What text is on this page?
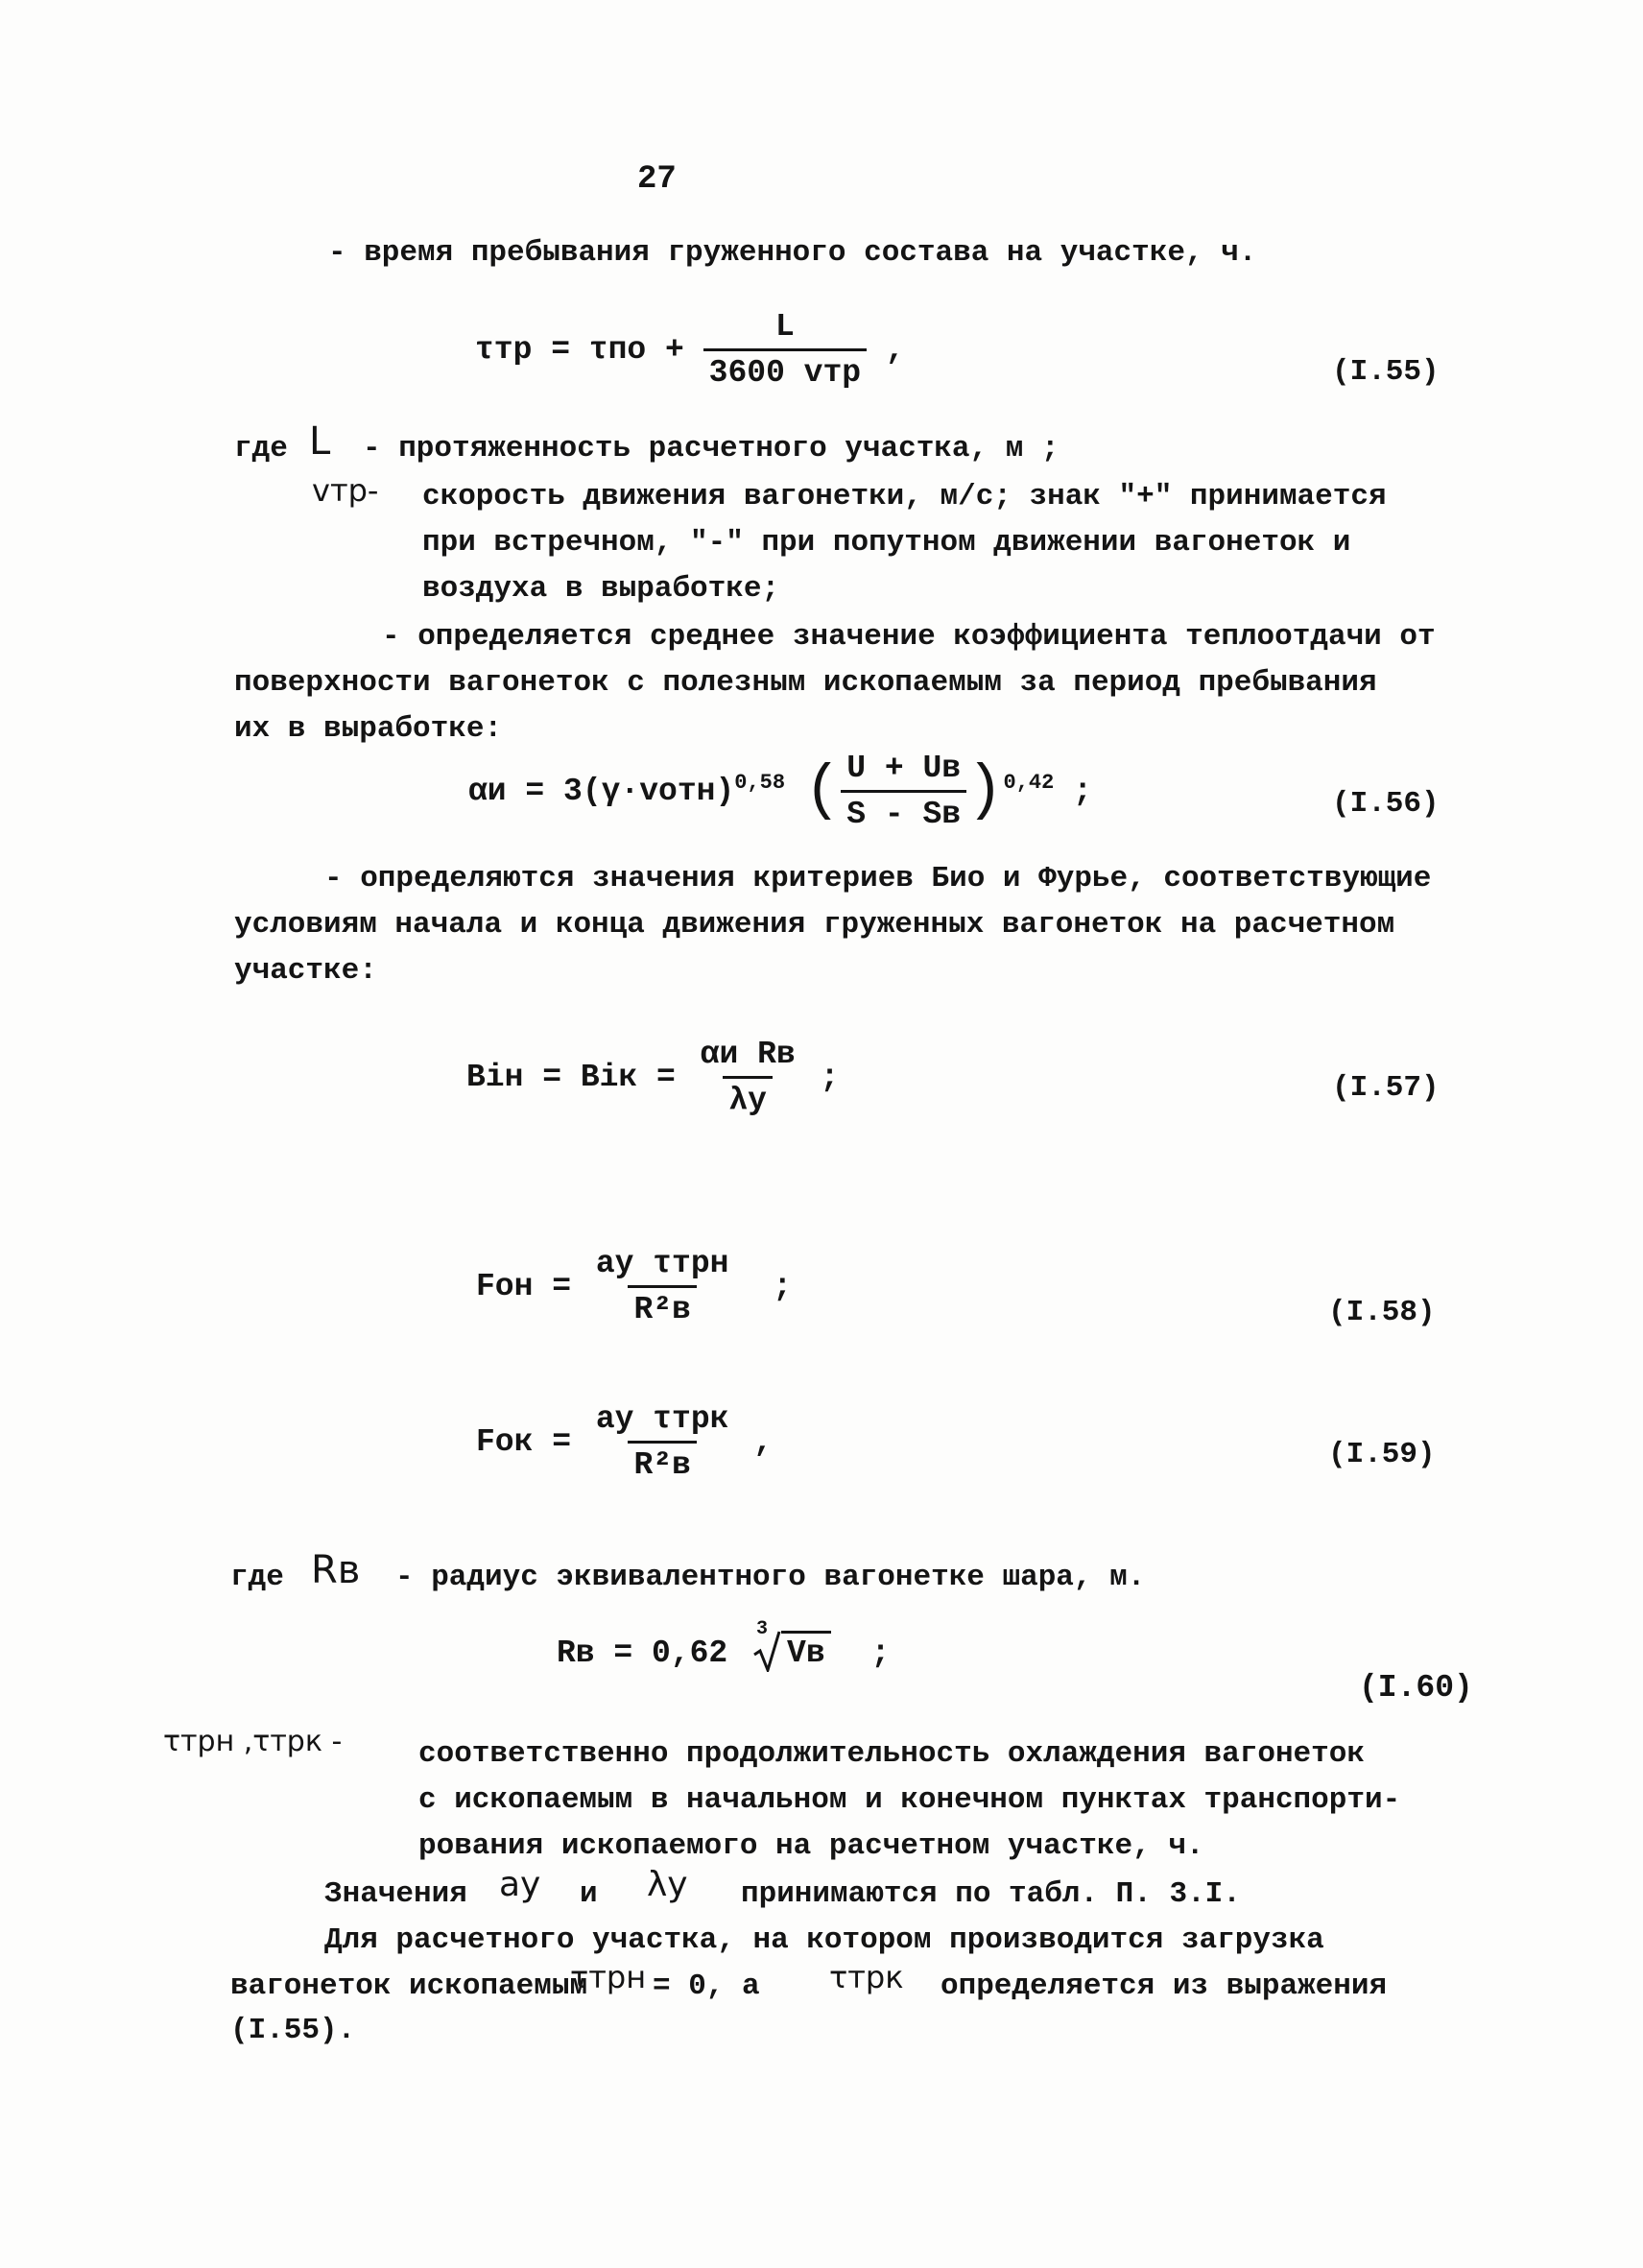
27
- время пребывания груженного состава на участке, ч.
$\tau тр = \tau по + \frac{L}{\text{3600 vтр}}$ ,
(I.55)
где L - протяженность расчетного участка, м ;
vтр- скорость движения вагонетки, м/с; знак "+" принимается
при встречном, "-" при попутном движении вагонеток и
воздуха в выработке;
- определяется среднее значение коэффициента теплоотдачи от
поверхности вагонеток с полезным ископаемым за период пребывания
их в выработке:
αи = 3(γ·vотн)$^{0,58}$ ( $\frac{U + Uв}{S - Sв} )^{0,42}$ ;	(I.56)
- определяются значения критериев Био и Фурье, соответствующие
условиям начала и конца движения груженных вагонеток на расчетном
участке:
Biн = Biк = $\frac{\text{αи Rв}}{\lambda у}$ ;	(I.57)
Foн = $\frac{\text{aу τтрн}}{\text{R²в}}$ ;
(I.58)
Foк = $\frac{\text{aу τтрк}}{\text{R²в}}$ ,	(I.59)
где Rв - радиус эквивалентного вагонетке шара, м.
Rв = 0,62
3
Vв ;
(I.60)
τтрн ,τтрк -	соответственно продолжительность охлаждения вагонеток
с ископаемым в начальном и конечном пунктах транспорти-
рования ископаемого на расчетном участке, ч.
Значения aу и λу принимаются по табл. П. 3.I.
Для расчетного участка, на котором производится загрузка
вагонеток ископаемым
τтрн = 0, а τтрк определяется из выражения
(I.55).
